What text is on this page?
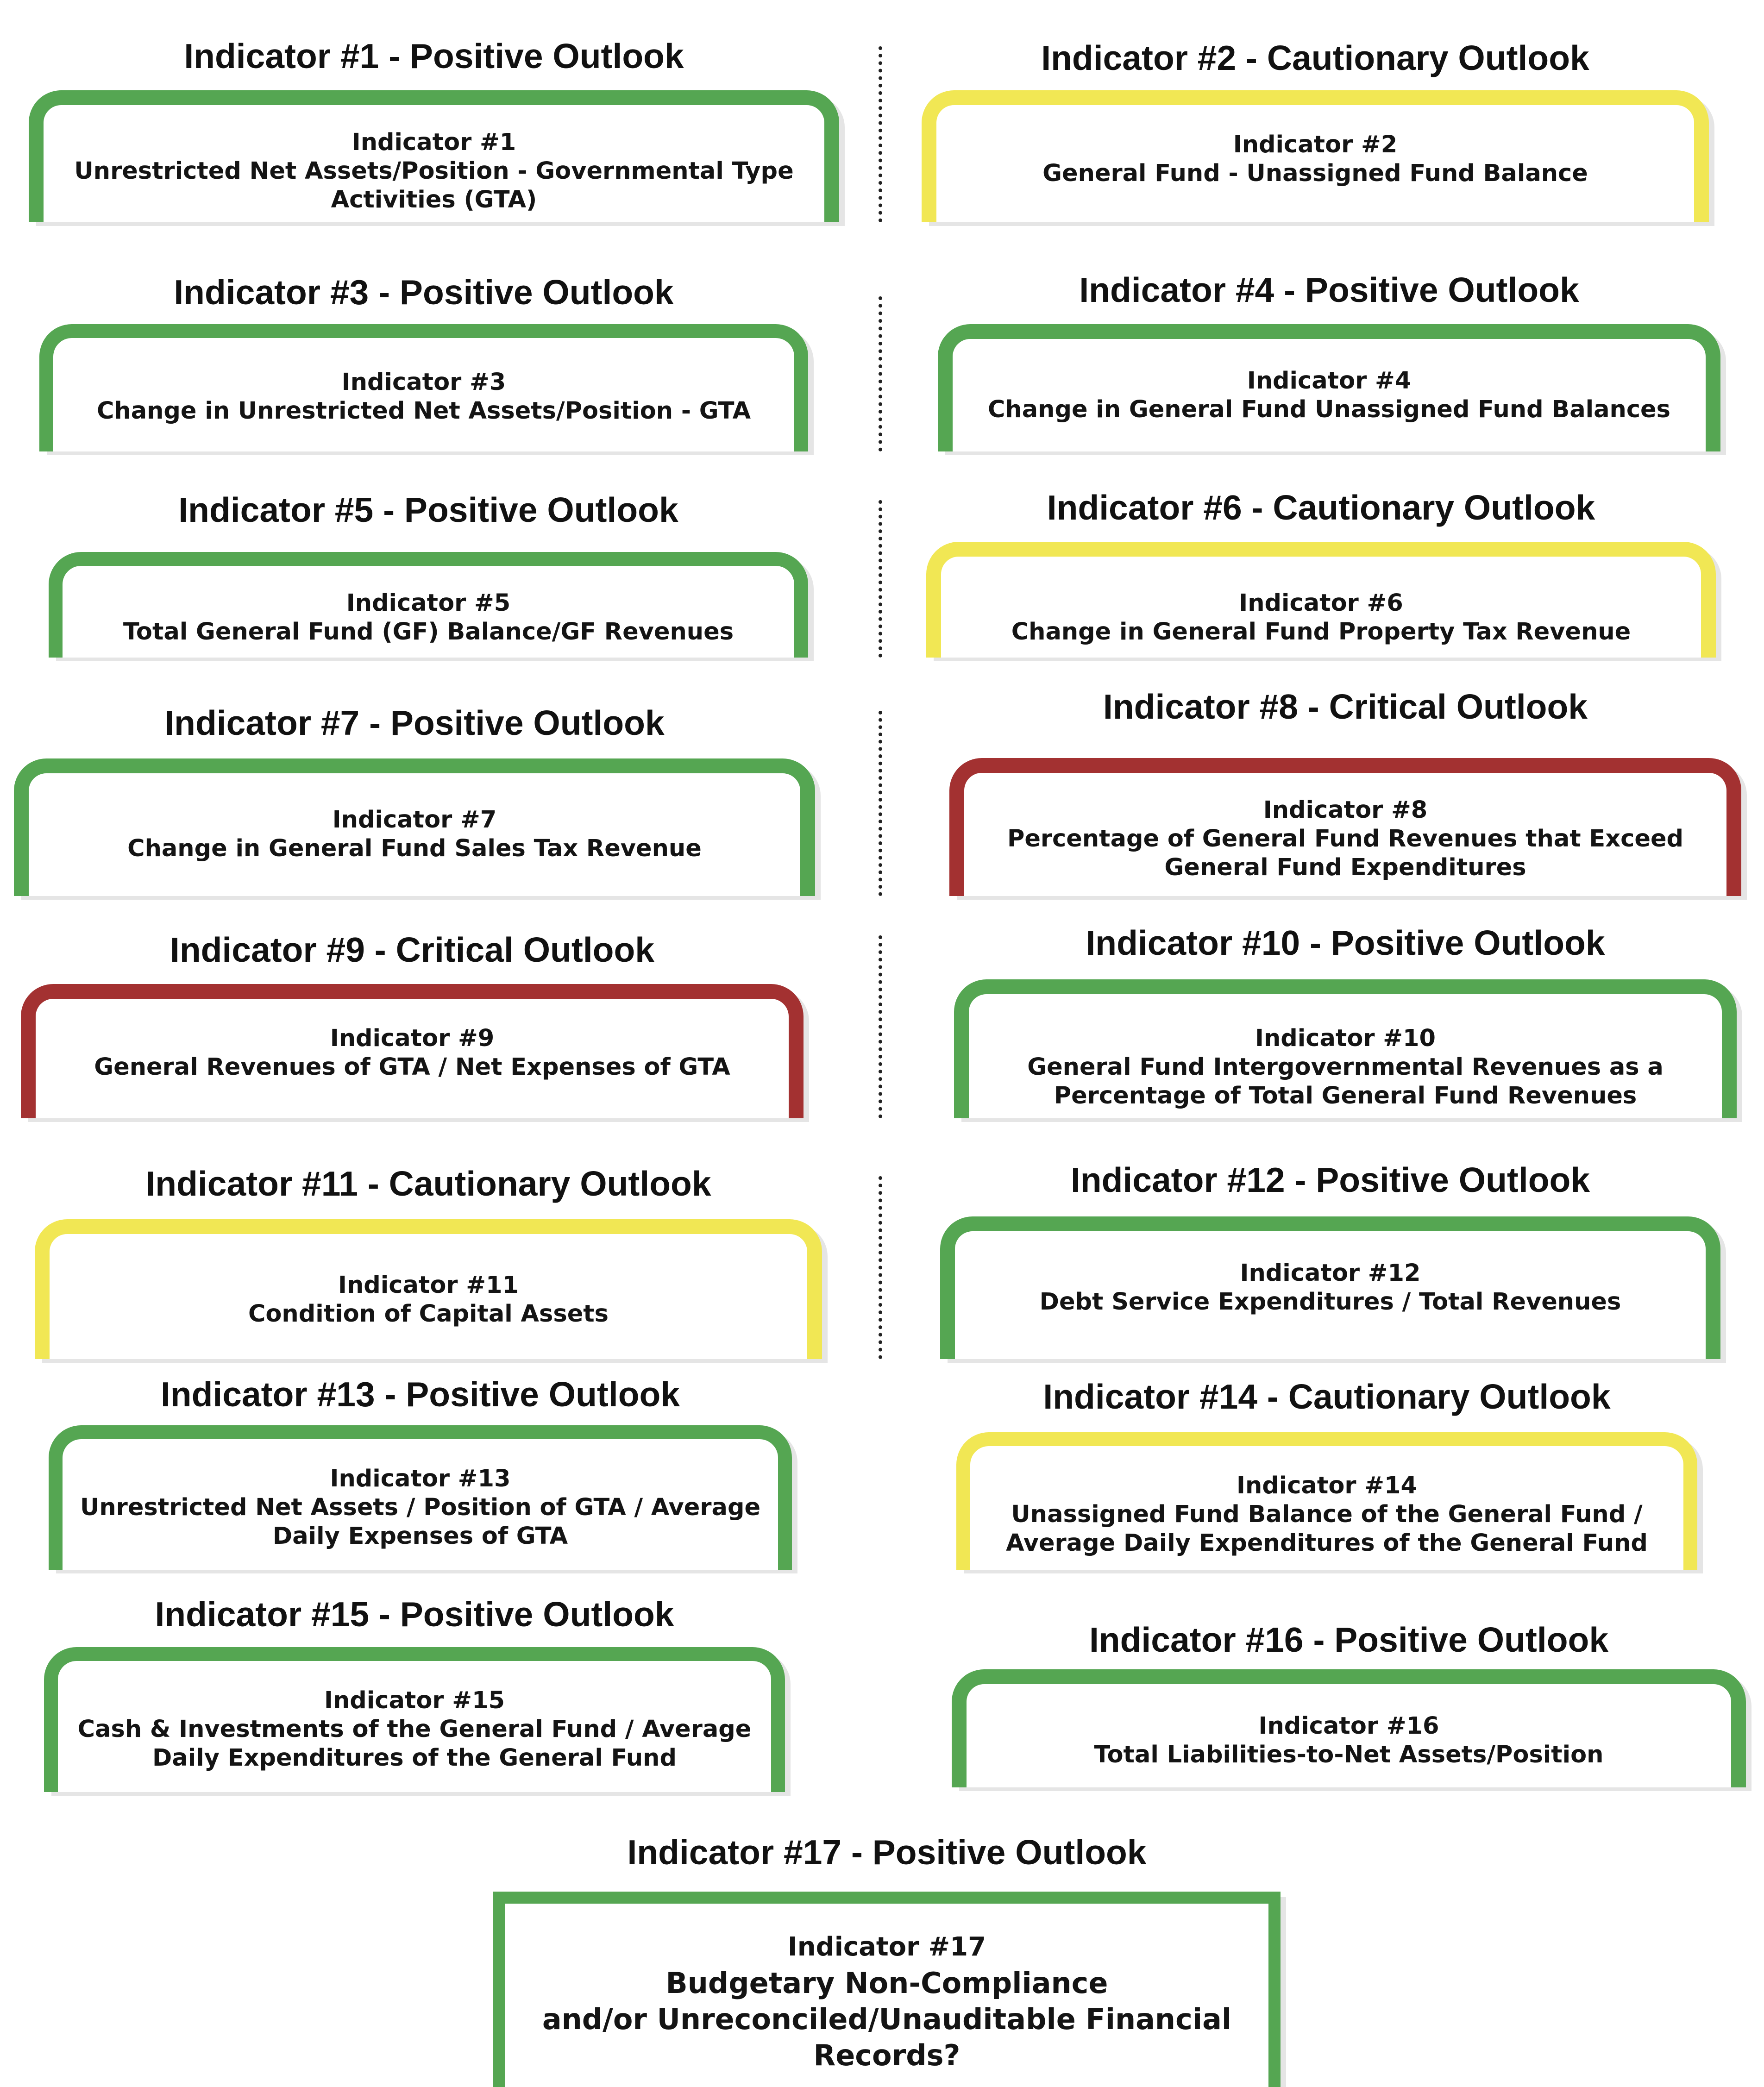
Indicator #1 - Positive Outlook
Indicator #1
Unrestricted Net Assets/Position - Governmental Type
Activities (GTA)
Indicator #2 - Cautionary Outlook
Indicator #2
General Fund - Unassigned Fund Balance
Indicator #3 - Positive Outlook
Indicator #3
Change in Unrestricted Net Assets/Position - GTA
Indicator #4 - Positive Outlook
Indicator #4
Change in General Fund Unassigned Fund Balances
Indicator #5 - Positive Outlook
Indicator #5
Total General Fund (GF) Balance/GF Revenues
Indicator #6 - Cautionary Outlook
Indicator #6
Change in General Fund Property Tax Revenue
Indicator #7 - Positive Outlook
Indicator #7
Change in General Fund Sales Tax Revenue
Indicator #8 - Critical Outlook
Indicator #8
Percentage of General Fund Revenues that Exceed
General Fund Expenditures
Indicator #9 - Critical Outlook
Indicator #9
General Revenues of GTA / Net Expenses of GTA
Indicator #10 - Positive Outlook
Indicator #10
General Fund Intergovernmental Revenues as a
Percentage of Total General Fund Revenues
Indicator #11 - Cautionary Outlook
Indicator #11
Condition of Capital Assets
Indicator #12 - Positive Outlook
Indicator #12
Debt Service Expenditures / Total Revenues
Indicator #13 - Positive Outlook
Indicator #13
Unrestricted Net Assets / Position of GTA / Average
Daily Expenses of GTA
Indicator #14 - Cautionary Outlook
Indicator #14
Unassigned Fund Balance of the General Fund /
Average Daily Expenditures of the General Fund
Indicator #15 - Positive Outlook
Indicator #15
Cash & Investments of the General Fund / Average
Daily Expenditures of the General Fund
Indicator #16 - Positive Outlook
Indicator #16
Total Liabilities-to-Net Assets/Position
Indicator #17 - Positive Outlook
Indicator #17
Budgetary Non-Compliance
and/or Unreconciled/Unauditable Financial
Records?
